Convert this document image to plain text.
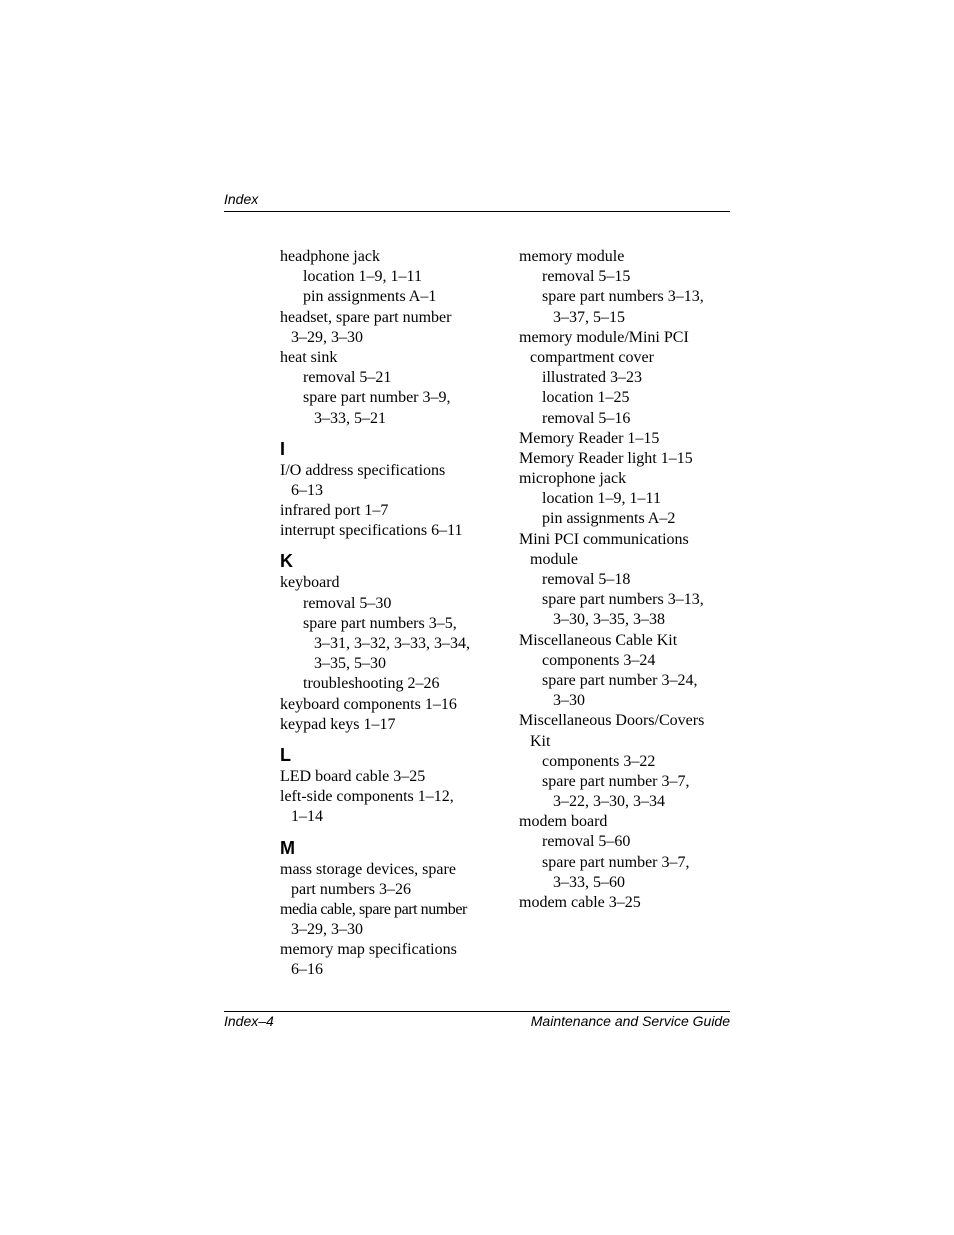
Index
headphone jack
location 1–9, 1–11
pin assignments A–1
headset, spare part number
3–29, 3–30
heat sink
removal 5–21
spare part number 3–9,
3–33, 5–21
I
I/O address specifications
6–13
infrared port 1–7
interrupt specifications 6–11
K
keyboard
removal 5–30
spare part numbers 3–5,
3–31, 3–32, 3–33, 3–34,
3–35, 5–30
troubleshooting 2–26
keyboard components 1–16
keypad keys 1–17
L
LED board cable 3–25
left-side components 1–12,
1–14
M
mass storage devices, spare
part numbers 3–26
media cable, spare part number
3–29, 3–30
memory map specifications
6–16
memory module
removal 5–15
spare part numbers 3–13,
3–37, 5–15
memory module/Mini PCI
compartment cover
illustrated 3–23
location 1–25
removal 5–16
Memory Reader 1–15
Memory Reader light 1–15
microphone jack
location 1–9, 1–11
pin assignments A–2
Mini PCI communications
module
removal 5–18
spare part numbers 3–13,
3–30, 3–35, 3–38
Miscellaneous Cable Kit
components 3–24
spare part number 3–24,
3–30
Miscellaneous Doors/Covers
Kit
components 3–22
spare part number 3–7,
3–22, 3–30, 3–34
modem board
removal 5–60
spare part number 3–7,
3–33, 5–60
modem cable 3–25
Index–4	Maintenance and Service Guide
